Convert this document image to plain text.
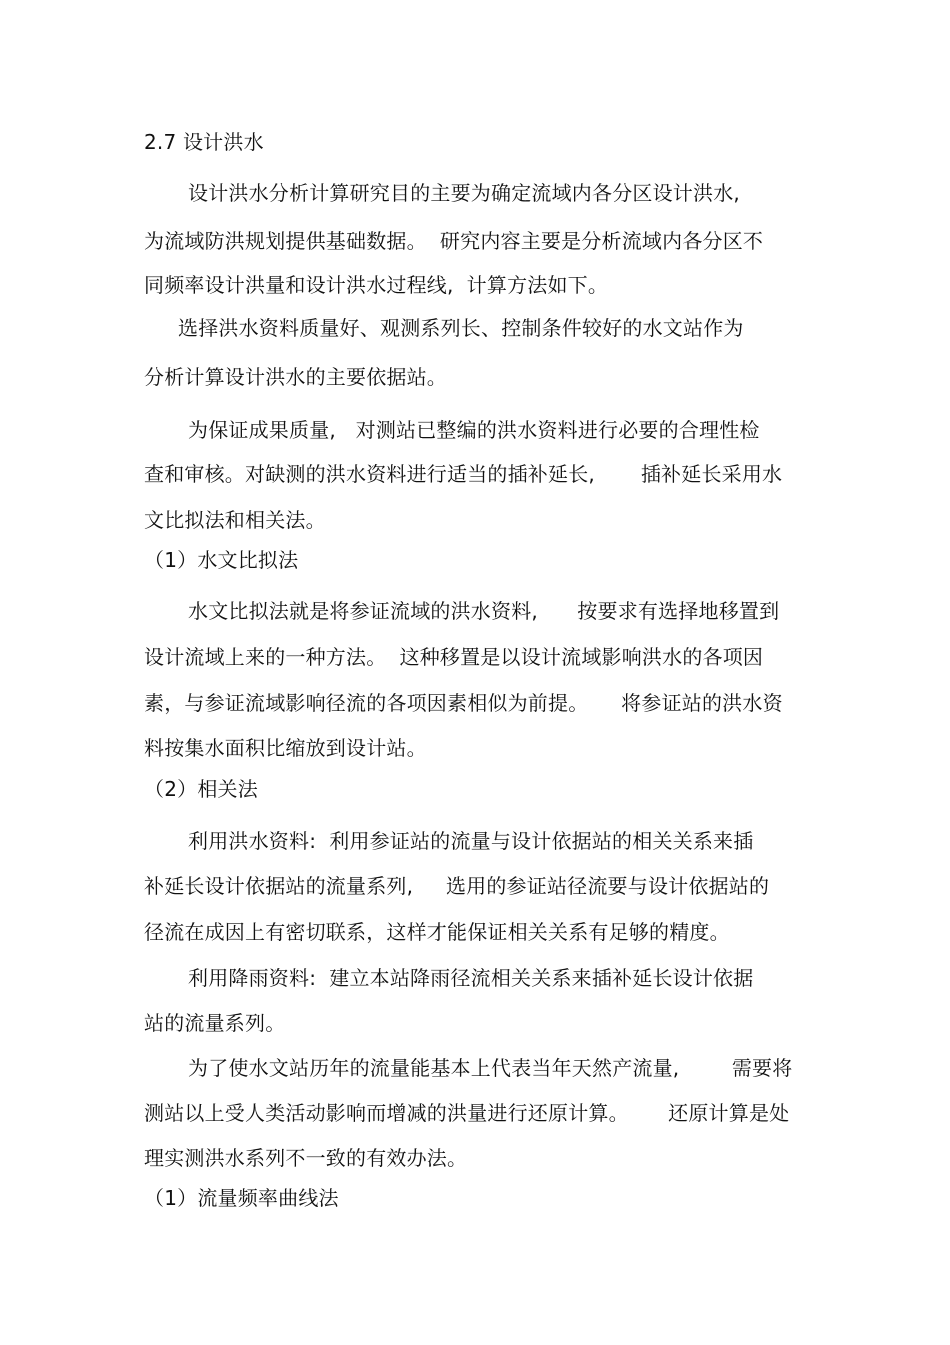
2.7 设计洪水
设计洪水分析计算研究目的主要为确定流域内各分区设计洪水,
为流域防洪规划提供基础数据。  研究内容主要是分析流域内各分区不
同频率设计洪量和设计洪水过程线,  计算方法如下。
选择洪水资料质量好、观测系列长、控制条件较好的水文站作为
分析计算设计洪水的主要依据站。
为保证成果质量,   对测站已整编的洪水资料进行必要的合理性检
查和审核。对缺测的洪水资料进行适当的插补延长,       插补延长采用水
文比拟法和相关法。
（1）水文比拟法
水文比拟法就是将参证流域的洪水资料,      按要求有选择地移置到
设计流域上来的一种方法。  这种移置是以设计流域影响洪水的各项因
素，与参证流域影响径流的各项因素相似为前提。     将参证站的洪水资
料按集水面积比缩放到设计站。
（2）相关法
利用洪水资料:  利用参证站的流量与设计依据站的相关关系来插
补延长设计依据站的流量系列,     选用的参证站径流要与设计依据站的
径流在成因上有密切联系，这样才能保证相关关系有足够的精度。
利用降雨资料:  建立本站降雨径流相关关系来插补延长设计依据
站的流量系列。
为了使水文站历年的流量能基本上代表当年天然产流量,        需要将
测站以上受人类活动影响而增减的洪量进行还原计算。      还原计算是处
理实测洪水系列不一致的有效办法。
（1）流量频率曲线法
